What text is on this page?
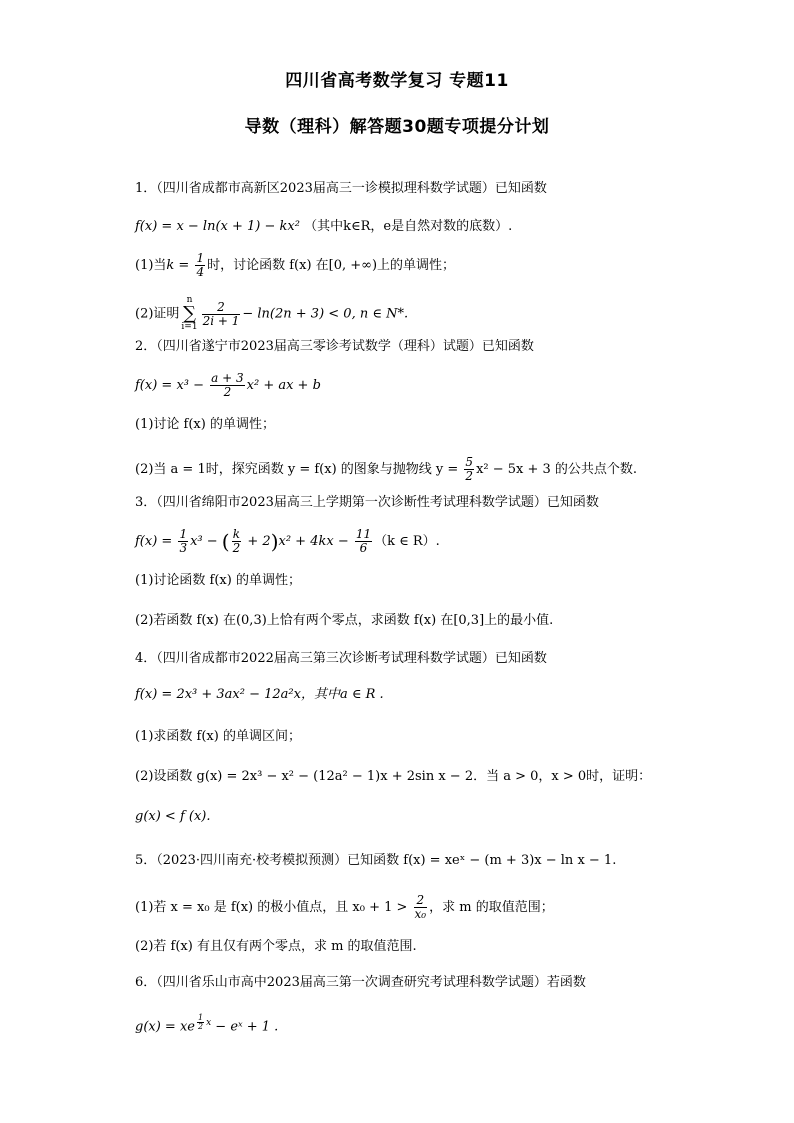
四川省高考数学复习 专题11
导数（理科）解答题30题专项提分计划
1．（四川省成都市高新区2023届高三一诊模拟理科数学试题）已知函数
f(x) = x − ln(x + 1) − kx² （其中k∈R，e是自然对数的底数）.
(1)当$k = \frac{1}{4}$ 时，讨论函数 f(x) 在[0, +∞)上的单调性；
(2)证明n
∑
$i=1 \frac{2}{2i + 1} - \ln(2n + 3) < 0$, n ∈ N*.
2．（四川省遂宁市2023届高三零诊考试数学（理科）试题）已知函数
$f(x) = x^3 - \frac{a + 3}{2} x^2$ + ax + b
(1)讨论 f(x) 的单调性；
(2)当 a = 1时，探究函数 y = f(x) 的图象与抛物线 $y = \frac{5}{2} x^2 - 5x + 3$ 的公共点个数.
3．（四川省绵阳市2023届高三上学期第一次诊断性考试理科数学试题）已知函数
$f(x) = \frac{1}{3} x^3$ − ( $\frac{k}{2} + 2)x^2 + 4kx - \frac{11}{6} (k$ ∈ R）.
(1)讨论函数 f(x) 的单调性；
(2)若函数 f(x) 在(0,3)上恰有两个零点，求函数 f(x) 在[0,3]上的最小值.
4．（四川省成都市2022届高三第三次诊断考试理科数学试题）已知函数
f(x) = 2x³ + 3ax² − 12a²x，其中a ∈ R .
(1)求函数 f(x) 的单调区间；
(2)设函数 g(x) = 2x³ − x² − (12a² − 1)x + 2sin x − 2．当 a > 0，x > 0时，证明：
g(x) < f (x).
5．（2023·四川南充·校考模拟预测）已知函数 f(x) = xeˣ − (m + 3)x − ln x − 1.
(1)若 x = x₀ 是 f(x) 的极小值点，且 $x_0 + 1 > \frac{2}{\text{x₀}}$ ，求 m 的取值范围；
(2)若 f(x) 有且仅有两个零点，求 m 的取值范围.
6．（四川省乐山市高中2023届高三第一次调查研究考试理科数学试题）若函数
g(x) = xe $^{\frac{1}{2} x}$ − eˣ + 1 .
